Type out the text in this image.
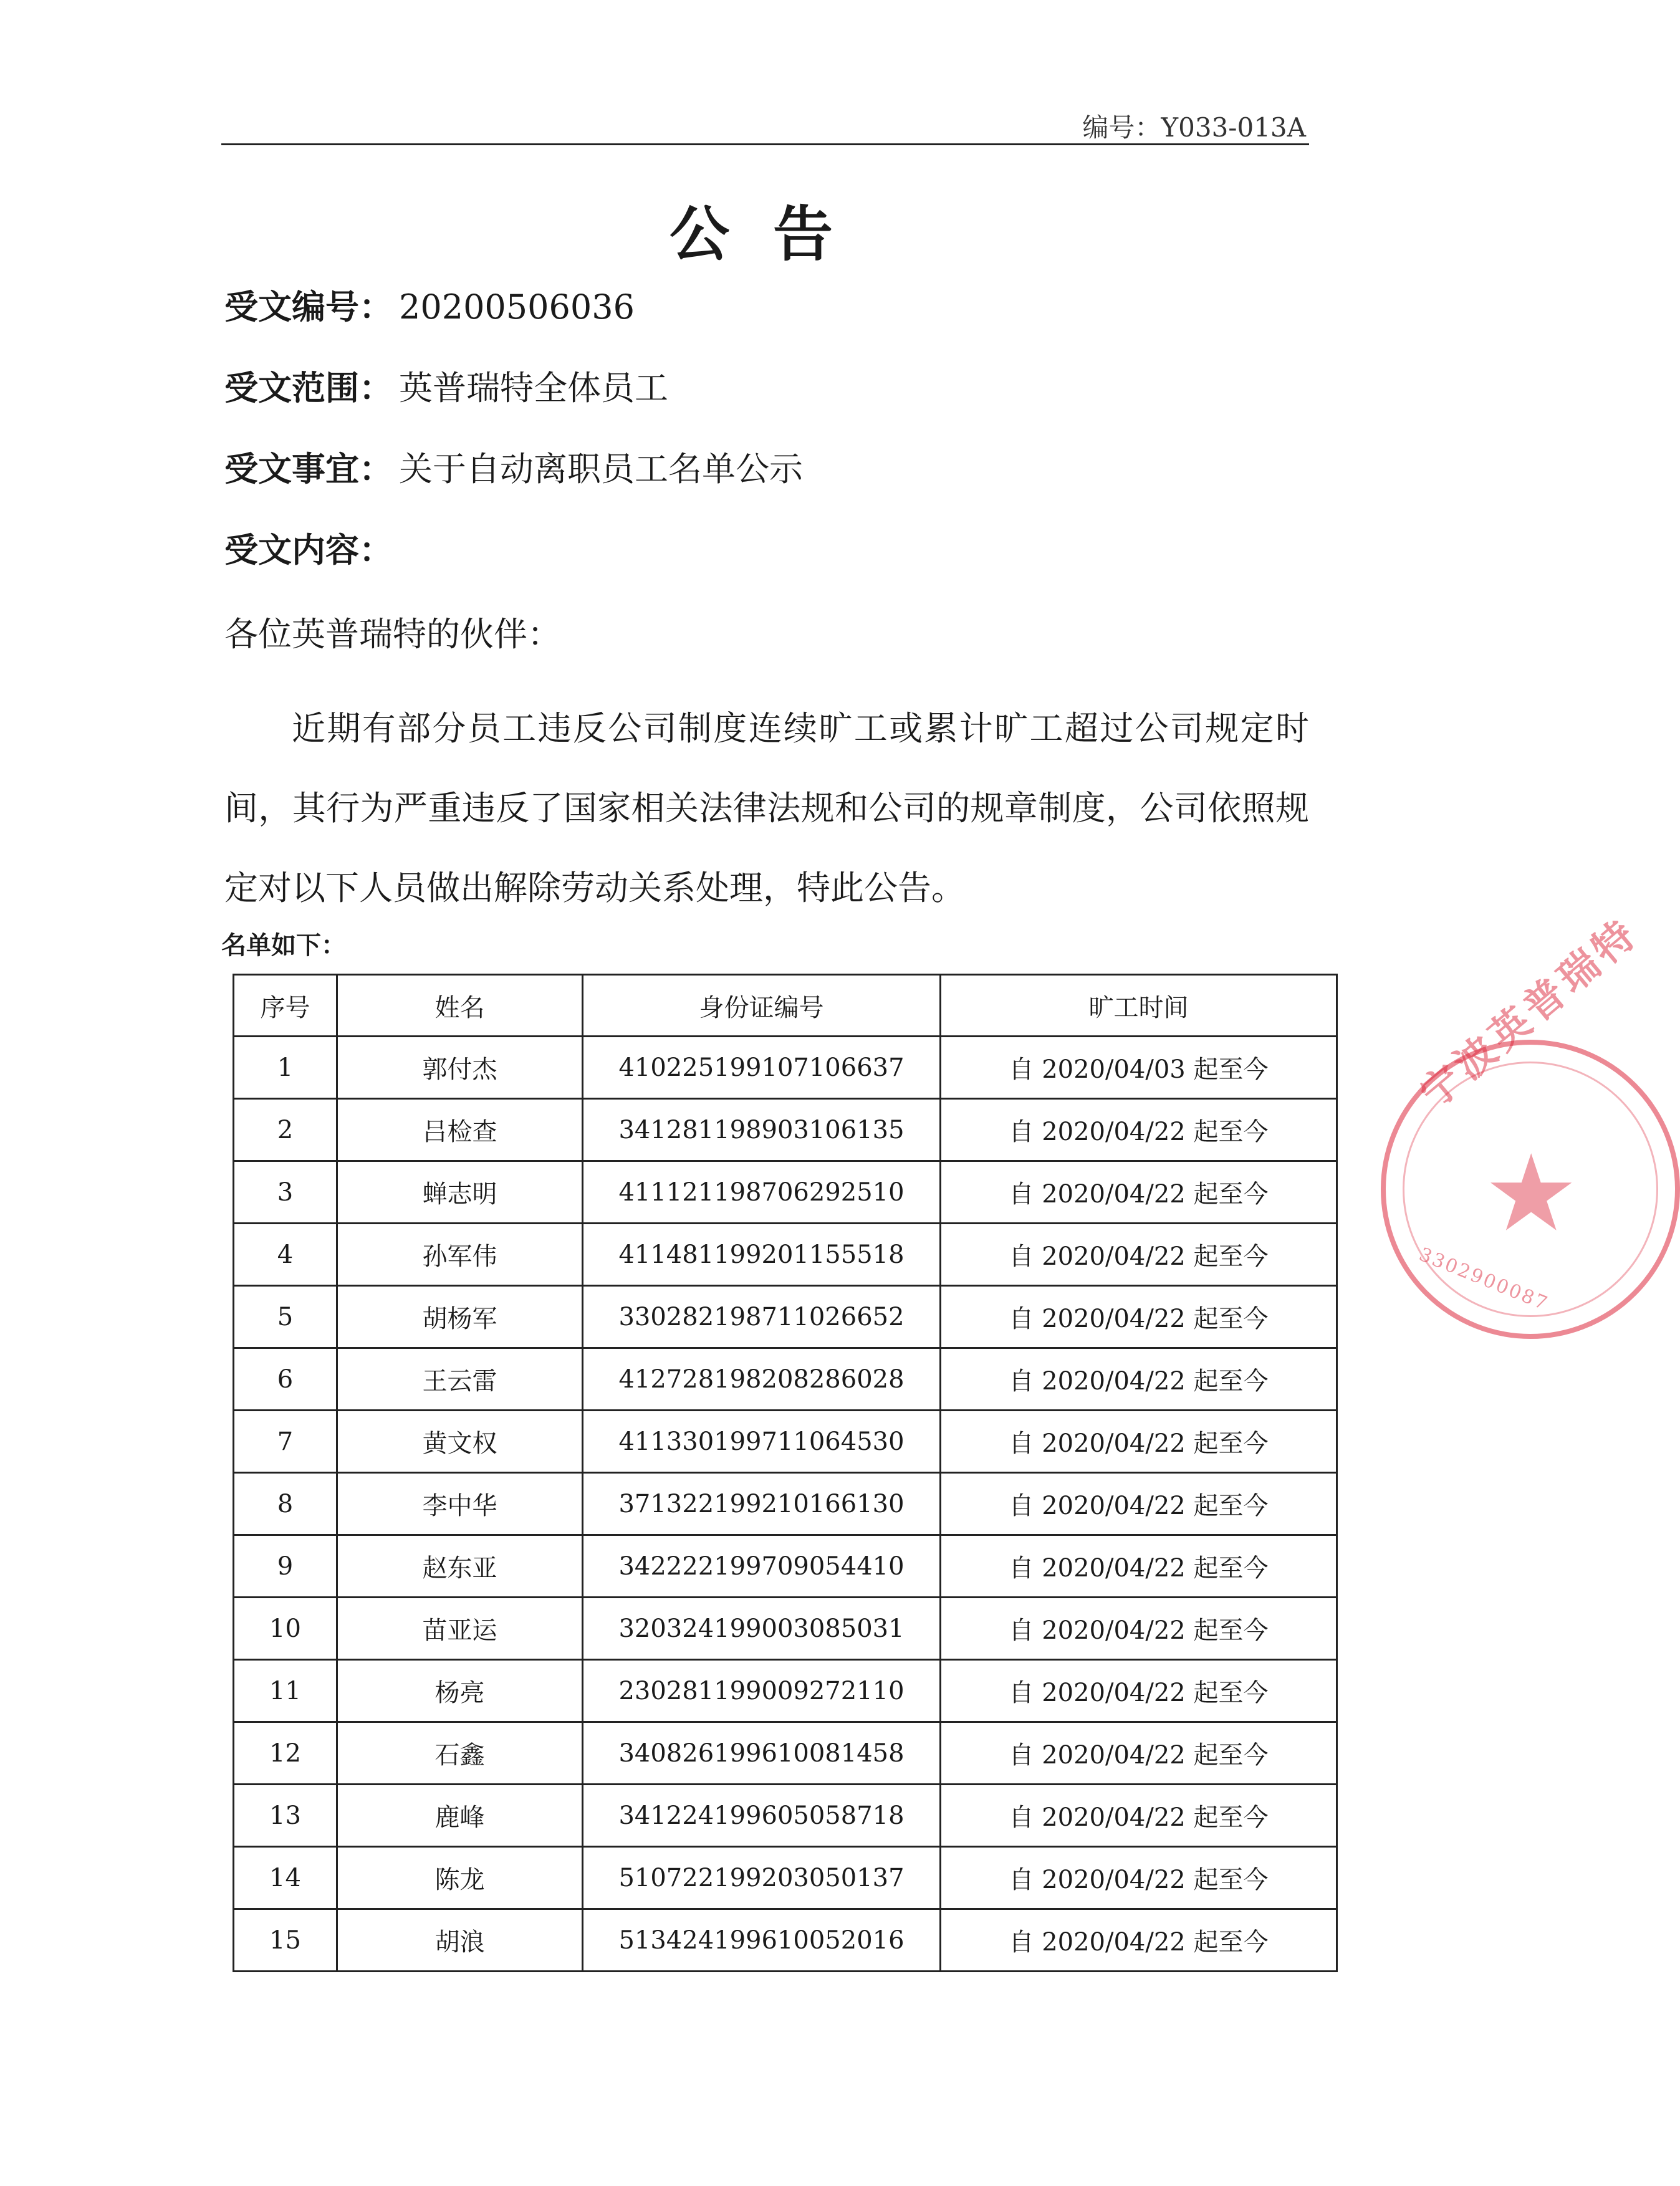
编号：Y033-013A
公告
受文编号： 20200506036
受文范围： 英普瑞特全体员工
受文事宜： 关于自动离职员工名单公示
受文内容：
各位英普瑞特的伙伴：
近期有部分员工违反公司制度连续旷工或累计旷工超过公司规定时间，其行为严重违反了国家相关法律法规和公司的规章制度，公司依照规定对以下人员做出解除劳动关系处理，特此公告。
名单如下：
序号	姓名	身份证编号	旷工时间
1	郭付杰	410225199107106637	自 2020/04/03 起至今
2	吕检查	341281198903106135	自 2020/04/22 起至今
3	蝉志明	411121198706292510	自 2020/04/22 起至今
4	孙军伟	411481199201155518	自 2020/04/22 起至今
5	胡杨军	330282198711026652	自 2020/04/22 起至今
6	王云雷	412728198208286028	自 2020/04/22 起至今
7	黄文权	411330199711064530	自 2020/04/22 起至今
8	李中华	371322199210166130	自 2020/04/22 起至今
9	赵东亚	342222199709054410	自 2020/04/22 起至今
10	苗亚运	320324199003085031	自 2020/04/22 起至今
11	杨亮	230281199009272110	自 2020/04/22 起至今
12	石鑫	340826199610081458	自 2020/04/22 起至今
13	鹿峰	341224199605058718	自 2020/04/22 起至今
14	陈龙	510722199203050137	自 2020/04/22 起至今
15	胡浪	513424199610052016	自 2020/04/22 起至今
宁波英普瑞特
★
3302900087
